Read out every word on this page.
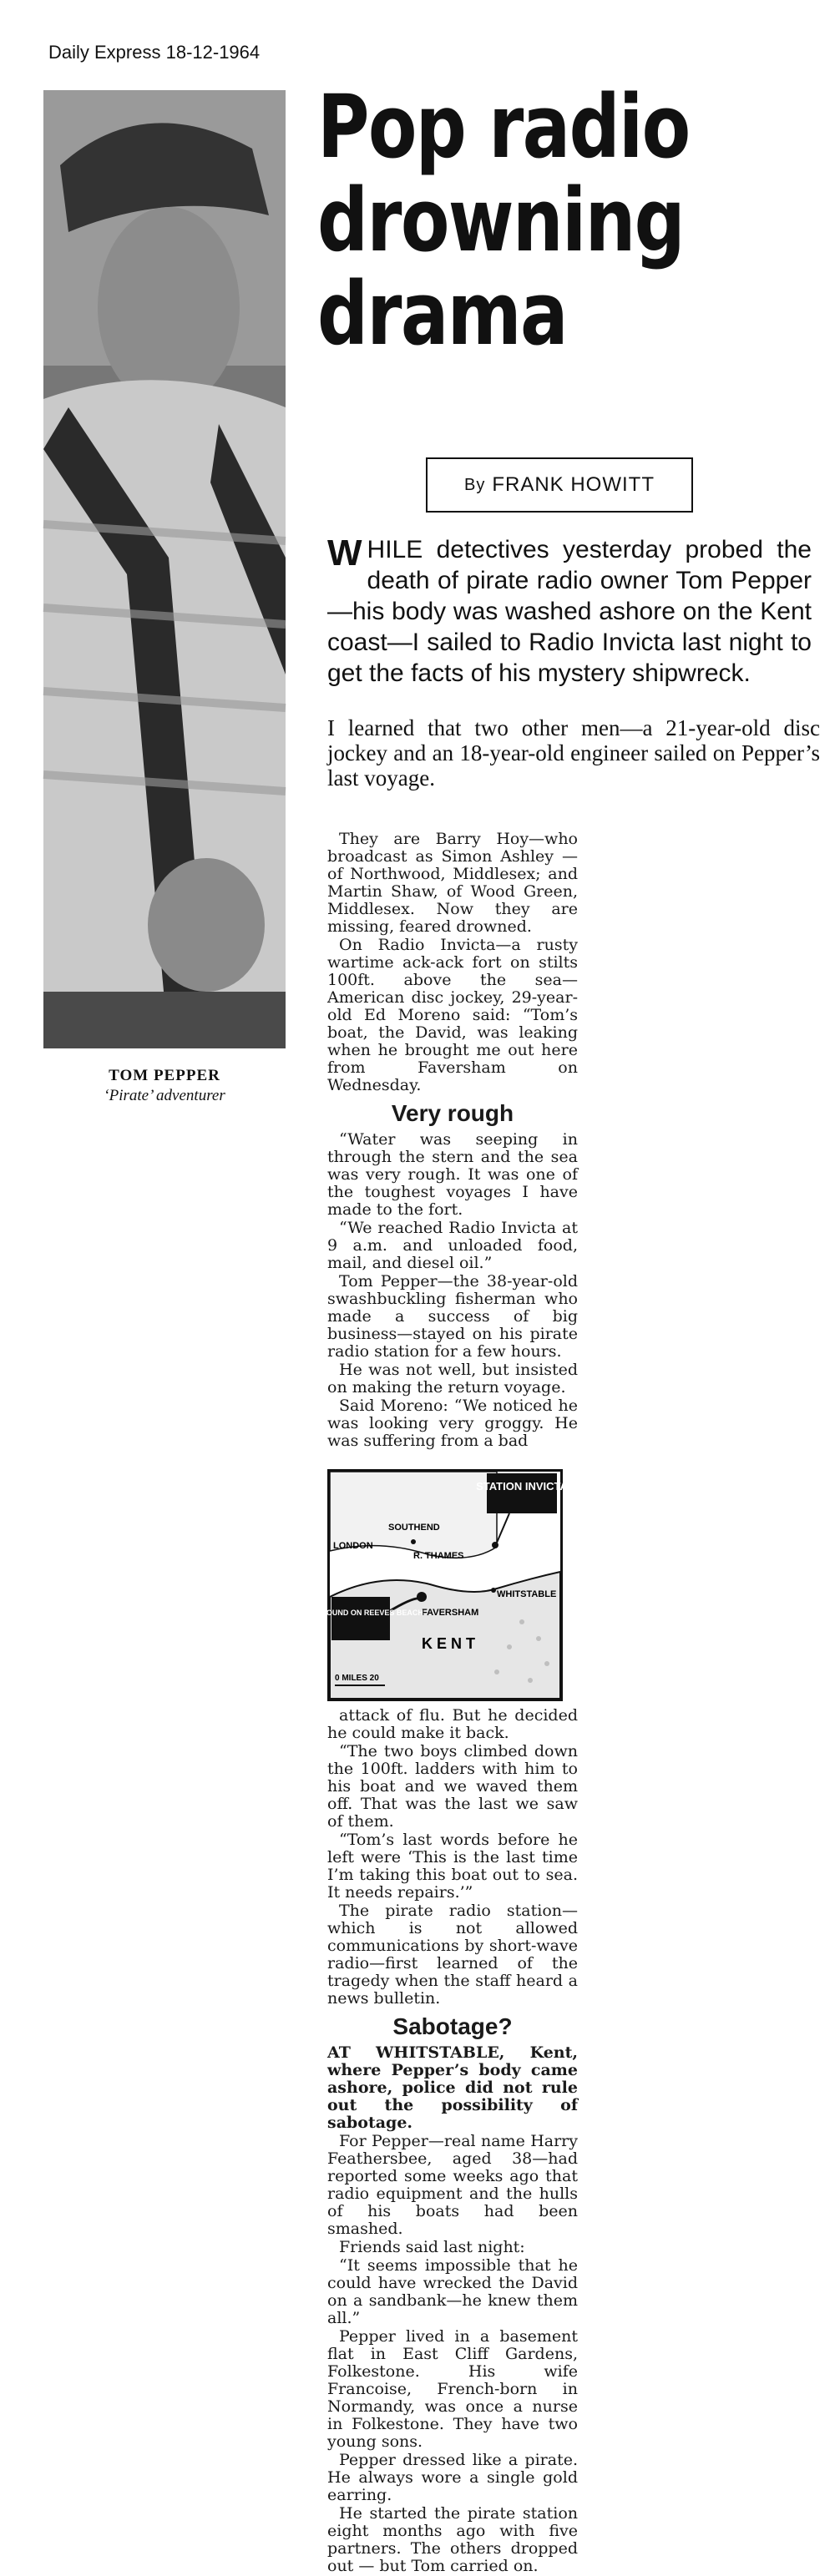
Daily Express 18-12-1964
TOM PEPPER
‘Pirate’ adventurer
Pop radio
drowning
drama
By FRANK HOWITT
W HILE detectives yesterday probed the death of pirate radio owner Tom Pepper—his body was washed ashore on the Kent coast—I sailed to Radio Invicta last night to get the facts of his mystery shipwreck.
I learned that two other men—a 21-year-old disc jockey and an 18-year-old engineer sailed on Pepper’s last voyage.

They are Barry Hoy—who broadcast as Simon Ashley — of Northwood, Middlesex; and Martin Shaw, of Wood Green, Middlesex. Now they are missing, feared drowned.

On Radio Invicta—a rusty wartime ack-ack fort on stilts 100ft. above the sea—American disc jockey, 29-year-old Ed Moreno said: “Tom’s boat, the David, was leaking when he brought me out here from Faversham on Wednesday.

Very rough

“Water was seeping in through the stern and the sea was very rough. It was one of the toughest voyages I have made to the fort.

“We reached Radio Invicta at 9 a.m. and unloaded food, mail, and diesel oil.”

Tom Pepper—the 38-year-old swashbuckling fisherman who made a success of big business—stayed on his pirate radio station for a few hours.

He was not well, but insisted on making the return voyage.

Said Moreno: “We noticed he was looking very groggy. He was suffering from a bad

STATION INVICTA
LONDON
SOUTHEND
R. THAMES
WHITSTABLE
FAVERSHAM
BODY FOUND ON REEVES BEACH
K E N T
0 MILES 20

attack of flu. But he decided he could make it back.

“The two boys climbed down the 100ft. ladders with him to his boat and we waved them off. That was the last we saw of them.

“Tom’s last words before he left were ‘This is the last time I’m taking this boat out to sea. It needs repairs.’”

The pirate radio station—which is not allowed communications by short-wave radio—first learned of the tragedy when the staff heard a news bulletin.

Sabotage?

AT WHITSTABLE, Kent, where Pepper’s body came ashore, police did not rule out the possibility of sabotage.

For Pepper—real name Harry Feathersbee, aged 38—had reported some weeks ago that radio equipment and the hulls of his boats had been smashed.

Friends said last night:

“It seems impossible that he could have wrecked the David on a sandbank—he knew them all.”

Pepper lived in a basement flat in East Cliff Gardens, Folkestone. His wife Francoise, French-born in Normandy, was once a nurse in Folkestone. They have two young sons.

Pepper dressed like a pirate. He always wore a single gold earring.

He started the pirate station eight months ago with five partners. The others dropped out — but Tom carried on.
